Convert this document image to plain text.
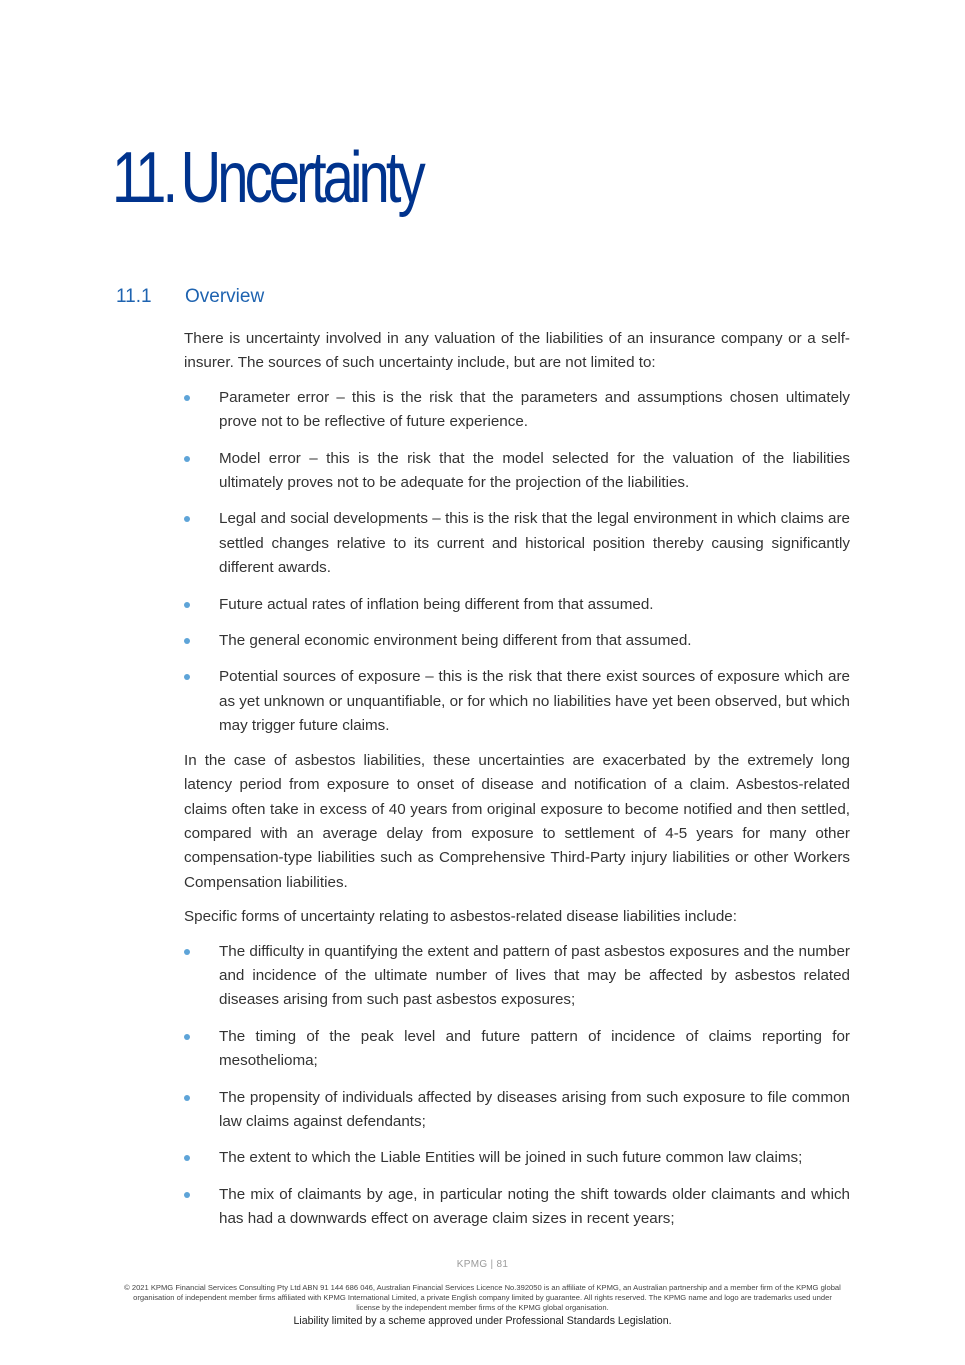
11.Uncertainty
11.1 Overview

There is uncertainty involved in any valuation of the liabilities of an insurance company or a self-insurer. The sources of such uncertainty include, but are not limited to:

Parameter error – this is the risk that the parameters and assumptions chosen ultimately prove not to be reflective of future experience.
Model error – this is the risk that the model selected for the valuation of the liabilities ultimately proves not to be adequate for the projection of the liabilities.
Legal and social developments – this is the risk that the legal environment in which claims are settled changes relative to its current and historical position thereby causing significantly different awards.
Future actual rates of inflation being different from that assumed.
The general economic environment being different from that assumed.
Potential sources of exposure – this is the risk that there exist sources of exposure which are as yet unknown or unquantifiable, or for which no liabilities have yet been observed, but which may trigger future claims.

In the case of asbestos liabilities, these uncertainties are exacerbated by the extremely long latency period from exposure to onset of disease and notification of a claim. Asbestos-related claims often take in excess of 40 years from original exposure to become notified and then settled, compared with an average delay from exposure to settlement of 4-5 years for many other compensation-type liabilities such as Comprehensive Third-Party injury liabilities or other Workers Compensation liabilities.

Specific forms of uncertainty relating to asbestos-related disease liabilities include:

The difficulty in quantifying the extent and pattern of past asbestos exposures and the number and incidence of the ultimate number of lives that may be affected by asbestos related diseases arising from such past asbestos exposures;
The timing of the peak level and future pattern of incidence of claims reporting for mesothelioma;
The propensity of individuals affected by diseases arising from such exposure to file common law claims against defendants;
The extent to which the Liable Entities will be joined in such future common law claims;
The mix of claimants by age, in particular noting the shift towards older claimants and which has had a downwards effect on average claim sizes in recent years;
KPMG | 81
© 2021 KPMG Financial Services Consulting Pty Ltd ABN 91 144 686 046, Australian Financial Services Licence No.392050 is an affiliate of KPMG, an Australian partnership and a member firm of the KPMG global organisation of independent member firms affiliated with KPMG International Limited, a private English company limited by guarantee. All rights reserved. The KPMG name and logo are trademarks used under license by the independent member firms of the KPMG global organisation.
Liability limited by a scheme approved under Professional Standards Legislation.
